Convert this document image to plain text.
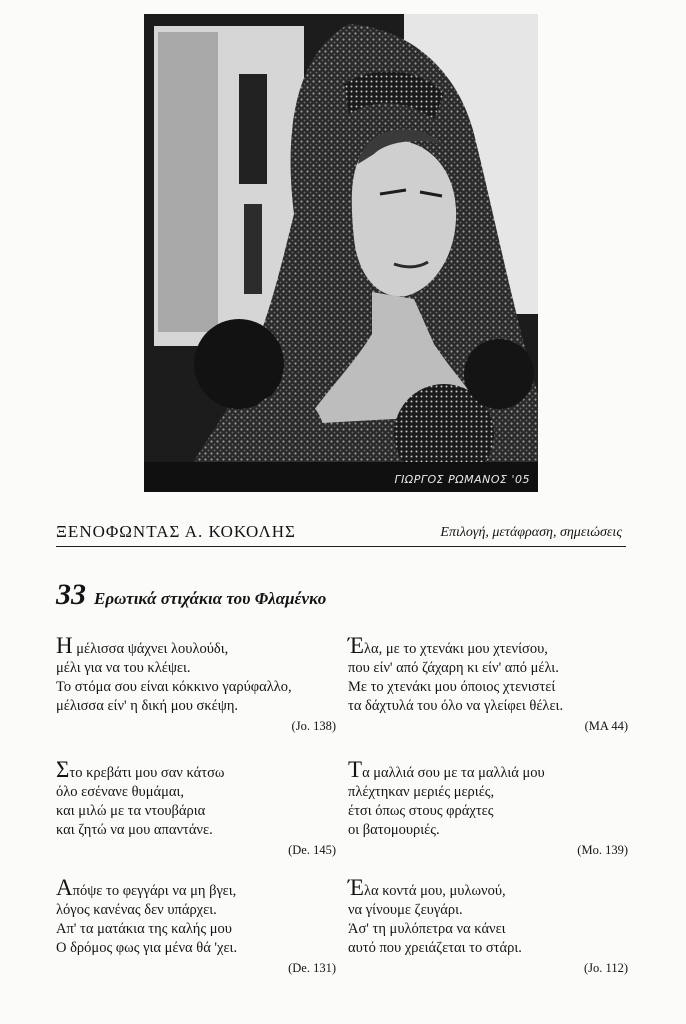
ΓΙΩΡΓΟΣ ΡΩΜΑΝΟΣ '05
ΞΕΝΟΦΩΝΤΑΣ Α. ΚΟΚΟΛΗΣ	Επιλογή, μετάφραση, σημειώσεις
33 Ερωτικά στιχάκια του Φλαμένκο
Η μέλισσα ψάχνει λουλούδι,
μέλι για να του κλέψει.
Το στόμα σου είναι κόκκινο γαρύφαλλο,
μέλισσα είν' η δική μου σκέψη.
(Jo. 138)
Έλα, με το χτενάκι μου χτενίσου,
που είν' από ζάχαρη κι είν' από μέλι.
Με το χτενάκι μου όποιος χτενιστεί
τα δάχτυλά του όλο να γλείφει θέλει.
(ΜΑ 44)
Στο κρεβάτι μου σαν κάτσω
όλο εσένανε θυμάμαι,
και μιλώ με τα ντουβάρια
και ζητώ να μου απαντάνε.
(De. 145)
Τα μαλλιά σου με τα μαλλιά μου
πλέχτηκαν μεριές μεριές,
έτσι όπως στους φράχτες
οι βατομουριές.
(Mo. 139)
Απόψε το φεγγάρι να μη βγει,
λόγος κανένας δεν υπάρχει.
Απ' τα ματάκια της καλής μου
Ο δρόμος φως για μένα θά 'χει.
(De. 131)
Έλα κοντά μου, μυλωνού,
να γίνουμε ζευγάρι.
Άσ' τη μυλόπετρα να κάνει
αυτό που χρειάζεται το στάρι.
(Jo. 112)
